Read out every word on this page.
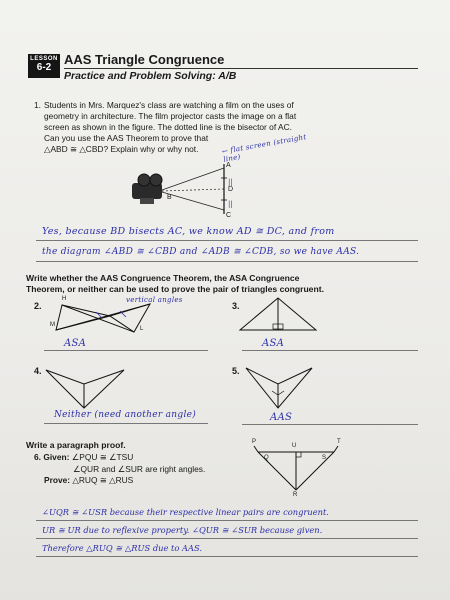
LESSON
6-2
AAS Triangle Congruence
Practice and Problem Solving: A/B
1. Students in Mrs. Marquez's class are watching a film on the uses of
geometry in architecture. The film projector casts the image on a flat
screen as shown in the figure. The dotted line is the bisector of AC.
Can you use the AAS Theorem to prove that
△ABD ≅ △CBD? Explain why or why not.
||
||
A
B
C
D
← flat screen (straight line)
Yes, because BD bisects AC, we know AD ≅ DC, and from
the diagram ∠ABD ≅ ∠CBD and ∠ADB ≅ ∠CDB, so we have AAS.
Write whether the AAS Congruence Theorem, the ASA Congruence
Theorem, or neither can be used to prove the pair of triangles congruent.
2.
M
H
L
vertical angles
ASA
3.
ASA
4.
Neither (need another angle)
5.
AAS
Write a paragraph proof.
6. Given: ∠PQU ≅ ∠TSU
∠QUR and ∠SUR are right angles.
Prove: △RUQ ≅ △RUS
P	T
Q	S
U
R
∠UQR ≅ ∠USR because their respective linear pairs are congruent.
UR ≅ UR due to reflexive property. ∠QUR ≅ ∠SUR because given.
Therefore △RUQ ≅ △RUS due to AAS.
